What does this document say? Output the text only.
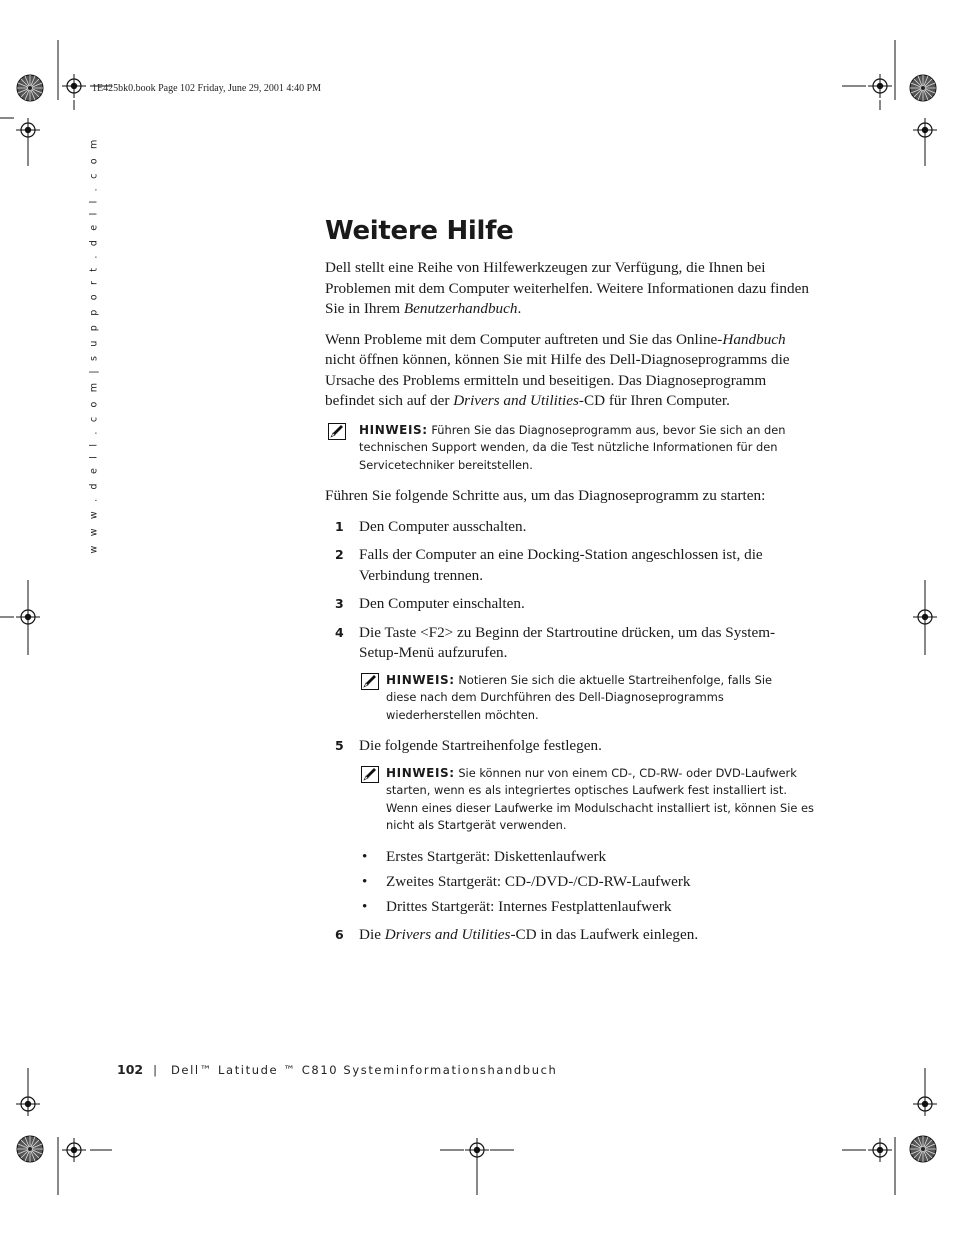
1E425bk0.book Page 102 Friday, June 29, 2001 4:40 PM
w w w . d e l l . c o m | s u p p o r t . d e l l . c o m	Weitere Hilfe

Dell stellt eine Reihe von Hilfewerkzeugen zur Verfügung, die Ihnen bei Problemen mit dem Computer weiterhelfen. Weitere Informationen dazu finden Sie in Ihrem Benutzerhandbuch.

Wenn Probleme mit dem Computer auftreten und Sie das Online-Handbuch nicht öffnen können, können Sie mit Hilfe des Dell-Diagnoseprogramms die Ursache des Problems ermitteln und beseitigen. Das Diagnoseprogramm befindet sich auf der Drivers and Utilities-CD für Ihren Computer.

HINWEIS: Führen Sie das Diagnoseprogramm aus, bevor Sie sich an den technischen Support wenden, da die Test nützliche Informationen für den Servicetechniker bereitstellen.

Führen Sie folgende Schritte aus, um das Diagnoseprogramm zu starten:

1 Den Computer ausschalten.
2 Falls der Computer an eine Docking-Station angeschlossen ist, die Verbindung trennen.
3 Den Computer einschalten.
4 Die Taste <F2> zu Beginn der Startroutine drücken, um das System-Setup-Menü aufzurufen.
HINWEIS: Notieren Sie sich die aktuelle Startreihenfolge, falls Sie diese nach dem Durchführen des Dell-Diagnoseprogramms wiederherstellen möchten.
5 Die folgende Startreihenfolge festlegen.
HINWEIS: Sie können nur von einem CD-, CD-RW- oder DVD-Laufwerk starten, wenn es als integriertes optisches Laufwerk fest installiert ist. Wenn eines dieser Laufwerke im Modulschacht installiert ist, können Sie es nicht als Startgerät verwenden.
• Erstes Startgerät: Diskettenlaufwerk
• Zweites Startgerät: CD-/DVD-/CD-RW-Laufwerk
• Drittes Startgerät: Internes Festplattenlaufwerk
6 Die Drivers and Utilities-CD in das Laufwerk einlegen.
102 | Dell™ Latitude ™ C810 Systeminformationshandbuch
